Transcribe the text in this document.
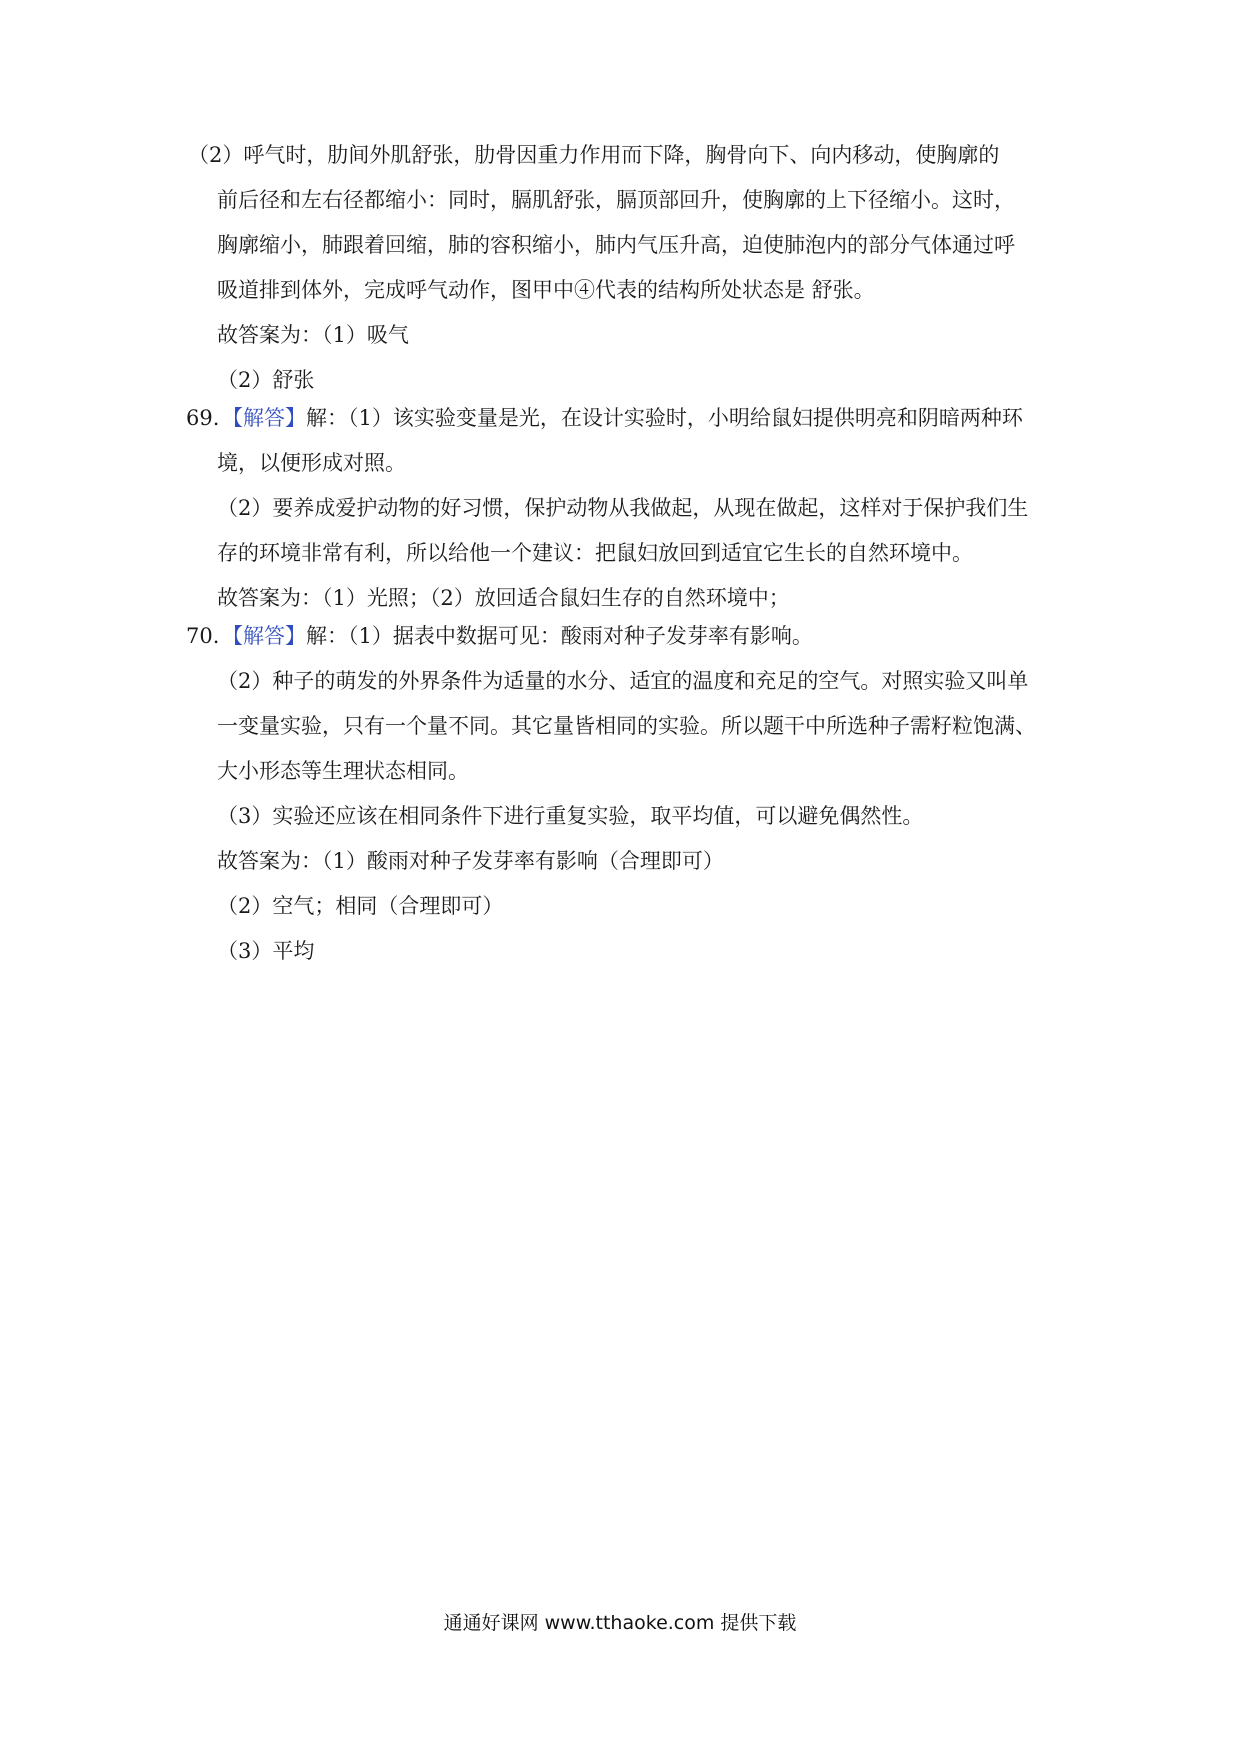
（2）呼气时，肋间外肌舒张，肋骨因重力作用而下降，胸骨向下、向内移动，使胸廓的
前后径和左右径都缩小：同时，膈肌舒张，膈顶部回升，使胸廓的上下径缩小。这时，
胸廓缩小，肺跟着回缩，肺的容积缩小，肺内气压升高，迫使肺泡内的部分气体通过呼
吸道排到体外，完成呼气动作，图甲中④代表的结构所处状态是 舒张。
故答案为：（1）吸气
（2）舒张
69. 【解答】解：（1）该实验变量是光，在设计实验时，小明给鼠妇提供明亮和阴暗两种环
境，以便形成对照。
（2）要养成爱护动物的好习惯，保护动物从我做起，从现在做起，这样对于保护我们生
存的环境非常有利，所以给他一个建议：把鼠妇放回到适宜它生长的自然环境中。
故答案为：（1）光照；（2）放回适合鼠妇生存的自然环境中；
70. 【解答】解：（1）据表中数据可见：酸雨对种子发芽率有影响。
（2）种子的萌发的外界条件为适量的水分、适宜的温度和充足的空气。对照实验又叫单
一变量实验，只有一个量不同。其它量皆相同的实验。所以题干中所选种子需籽粒饱满、
大小形态等生理状态相同。
（3）实验还应该在相同条件下进行重复实验，取平均值，可以避免偶然性。
故答案为：（1）酸雨对种子发芽率有影响（合理即可）
（2）空气；相同（合理即可）
（3）平均
通通好课网 www.tthaoke.com 提供下载
